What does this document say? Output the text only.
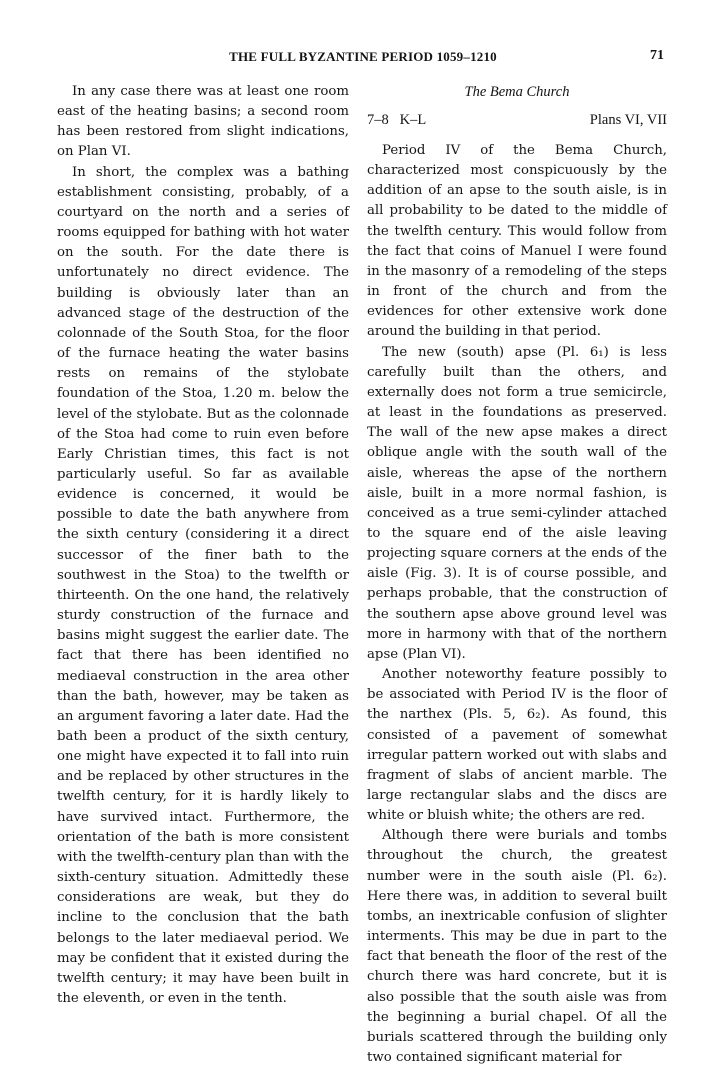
THE FULL BYZANTINE PERIOD 1059–1210	71

In any case there was at least one room east of the heating basins; a second room has been restored from slight indications, on Plan VI.

In short, the complex was a bathing establishment consisting, probably, of a courtyard on the north and a series of rooms equipped for bathing with hot water on the south. For the date there is unfortunately no direct evidence. The building is obviously later than an advanced stage of the destruction of the colonnade of the South Stoa, for the floor of the furnace heating the water basins rests on remains of the stylobate foundation of the Stoa, 1.20 m. below the level of the stylobate. But as the colonnade of the Stoa had come to ruin even before Early Christian times, this fact is not particularly useful. So far as available evidence is concerned, it would be possible to date the bath anywhere from the sixth century (considering it a direct successor of the finer bath to the southwest in the Stoa) to the twelfth or thirteenth. On the one hand, the relatively sturdy construction of the furnace and basins might suggest the earlier date. The fact that there has been identified no mediaeval construction in the area other than the bath, however, may be taken as an argument favoring a later date. Had the bath been a product of the sixth century, one might have expected it to fall into ruin and be replaced by other structures in the twelfth century, for it is hardly likely to have survived intact. Furthermore, the orientation of the bath is more consistent with the twelfth-century plan than with the sixth-century situation. Admittedly these considerations are weak, but they do incline to the conclusion that the bath belongs to the later mediaeval period. We may be confident that it existed during the twelfth century; it may have been built in the eleventh, or even in the tenth.

The Bema Church
7–8   K–L	Plans VI, VII

Period IV of the Bema Church, characterized most conspicuously by the addition of an apse to the south aisle, is in all probability to be dated to the middle of the twelfth century. This would follow from the fact that coins of Manuel I were found in the masonry of a remodeling of the steps in front of the church and from the evidences for other extensive work done around the building in that period.

The new (south) apse (Pl. 6₁) is less carefully built than the others, and externally does not form a true semicircle, at least in the foundations as preserved. The wall of the new apse makes a direct oblique angle with the south wall of the aisle, whereas the apse of the northern aisle, built in a more normal fashion, is conceived as a true semi-cylinder attached to the square end of the aisle leaving projecting square corners at the ends of the aisle (Fig. 3). It is of course possible, and perhaps probable, that the construction of the southern apse above ground level was more in harmony with that of the northern apse (Plan VI).

Another noteworthy feature possibly to be associated with Period IV is the floor of the narthex (Pls. 5, 6₂). As found, this consisted of a pavement of somewhat irregular pattern worked out with slabs and fragment of slabs of ancient marble. The large rectangular slabs and the discs are white or bluish white; the others are red.

Although there were burials and tombs throughout the church, the greatest number were in the south aisle (Pl. 6₂). Here there was, in addition to several built tombs, an inextricable confusion of slighter interments. This may be due in part to the fact that beneath the floor of the rest of the church there was hard concrete, but it is also possible that the south aisle was from the beginning a burial chapel. Of all the burials scattered through the building only two contained significant material for
